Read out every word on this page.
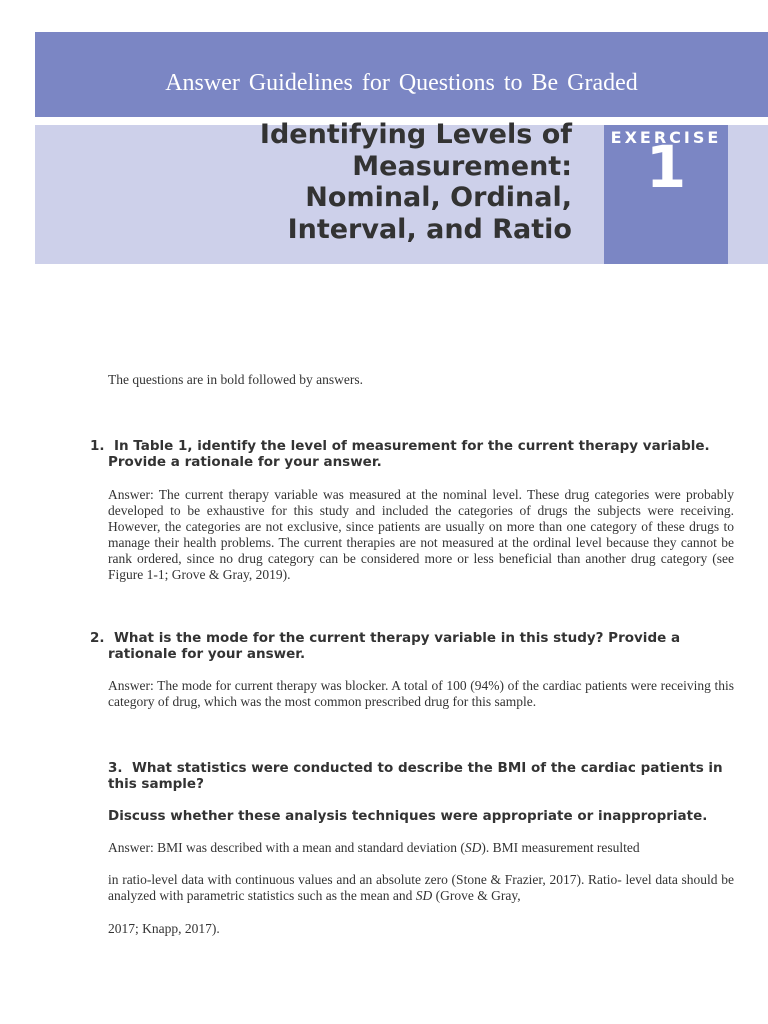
Answer Guidelines for Questions to Be Graded
EXERCISE
1
Identifying Levels of Measurement: Nominal, Ordinal, Interval, and Ratio

The questions are in bold followed by answers.

1. In Table 1, identify the level of measurement for the current therapy variable. Provide a rationale for your answer.

Answer: The current therapy variable was measured at the nominal level. These drug categories were probably developed to be exhaustive for this study and included the categories of drugs the subjects were receiving. However, the categories are not exclusive, since patients are usually on more than one category of these drugs to manage their health problems. The current therapies are not measured at the ordinal level because they cannot be rank ordered, since no drug category can be considered more or less beneficial than another drug category (see Figure 1-1; Grove & Gray, 2019).

2. What is the mode for the current therapy variable in this study? Provide a rationale for your answer.

Answer: The mode for current therapy was blocker. A total of 100 (94%) of the cardiac patients were receiving this category of drug, which was the most common prescribed drug for this sample.

3. What statistics were conducted to describe the BMI of the cardiac patients in this sample?
Discuss whether these analysis techniques were appropriate or inappropriate.

Answer: BMI was described with a mean and standard deviation (SD). BMI measurement resulted

in ratio-level data with continuous values and an absolute zero (Stone & Frazier, 2017). Ratio- level data should be analyzed with parametric statistics such as the mean and SD (Grove & Gray,

2017; Knapp, 2017).
